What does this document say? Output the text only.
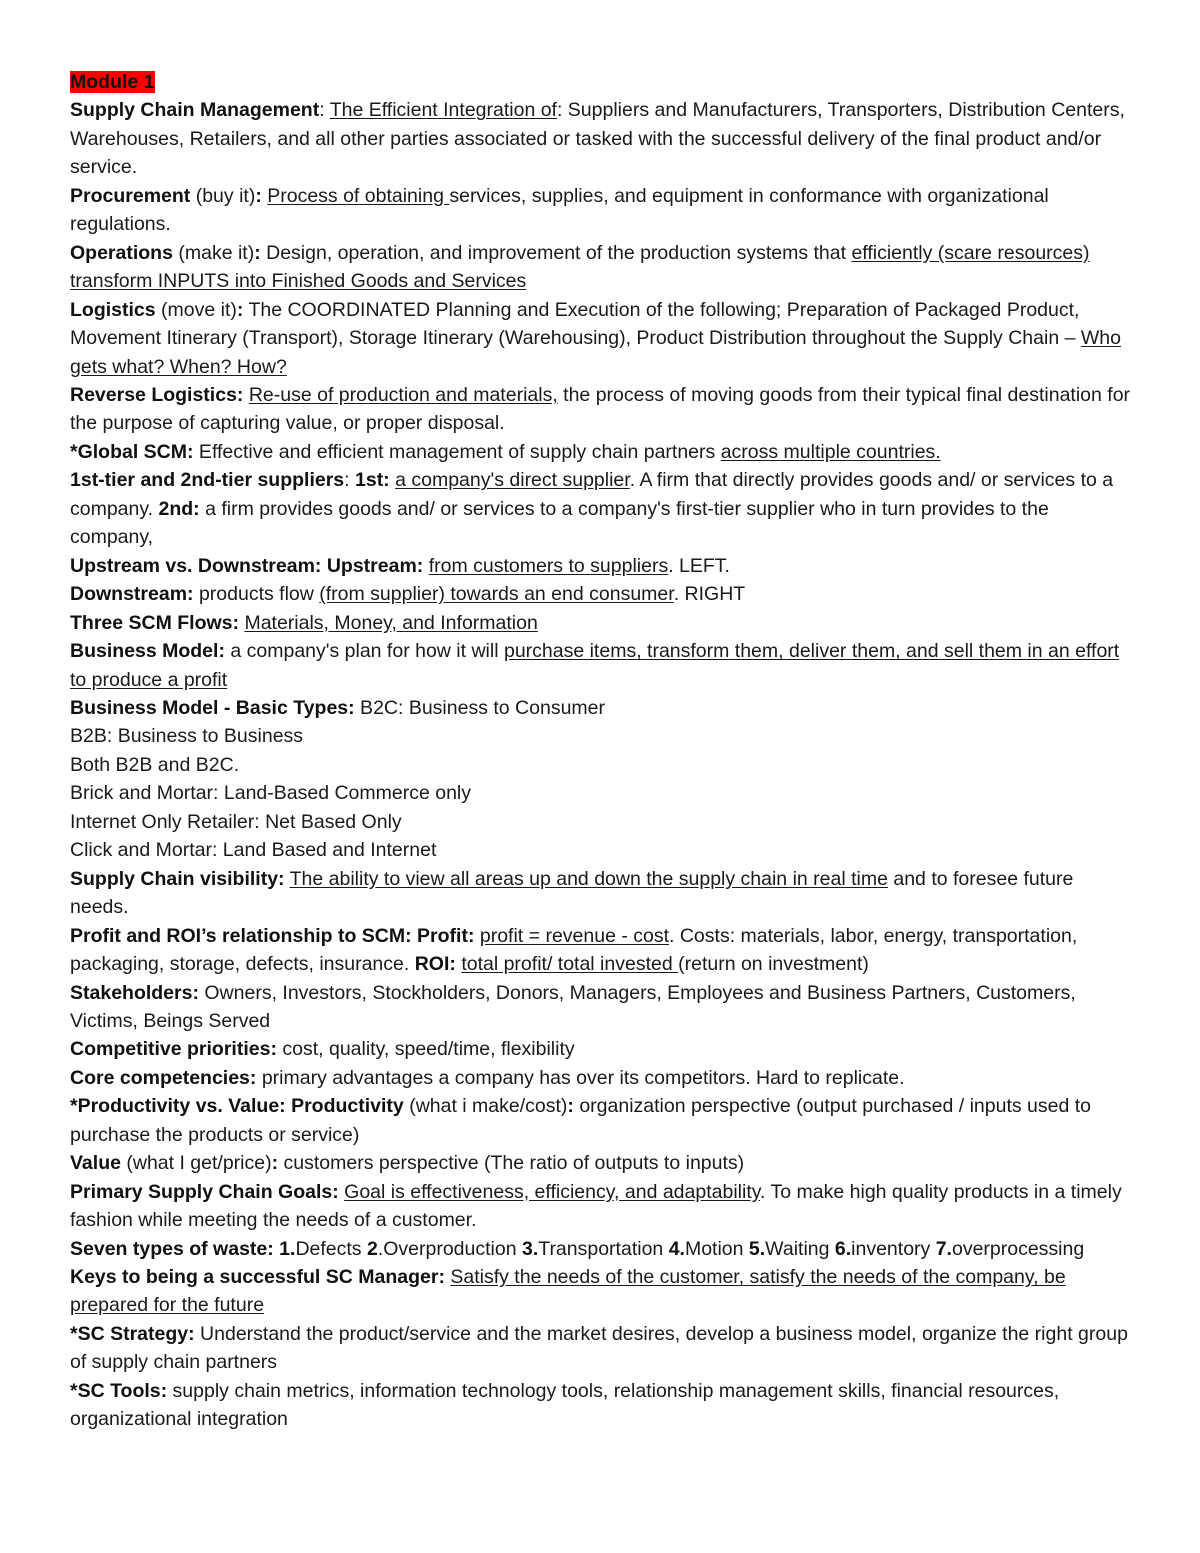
Module 1
Supply Chain Management: The Efficient Integration of: Suppliers and Manufacturers, Transporters, Distribution Centers, Warehouses, Retailers, and all other parties associated or tasked with the successful delivery of the final product and/or service.
Procurement (buy it): Process of obtaining services, supplies, and equipment in conformance with organizational regulations.
Operations (make it): Design, operation, and improvement of the production systems that efficiently (scare resources) transform INPUTS into Finished Goods and Services
Logistics (move it): The COORDINATED Planning and Execution of the following; Preparation of Packaged Product, Movement Itinerary (Transport), Storage Itinerary (Warehousing), Product Distribution throughout the Supply Chain – Who gets what? When? How?
Reverse Logistics: Re-use of production and materials, the process of moving goods from their typical final destination for the purpose of capturing value, or proper disposal.
*Global SCM: Effective and efficient management of supply chain partners across multiple countries.
1st-tier and 2nd-tier suppliers: 1st: a company's direct supplier. A firm that directly provides goods and/ or services to a company. 2nd: a firm provides goods and/ or services to a company's first-tier supplier who in turn provides to the company,
Upstream vs. Downstream: Upstream: from customers to suppliers. LEFT.
Downstream: products flow (from supplier) towards an end consumer. RIGHT
Three SCM Flows: Materials, Money, and Information
Business Model: a company's plan for how it will purchase items, transform them, deliver them, and sell them in an effort to produce a profit
Business Model - Basic Types: B2C: Business to Consumer
B2B: Business to Business
Both B2B and B2C.
Brick and Mortar: Land-Based Commerce only
Internet Only Retailer: Net Based Only
Click and Mortar: Land Based and Internet
Supply Chain visibility: The ability to view all areas up and down the supply chain in real time and to foresee future needs.
Profit and ROI’s relationship to SCM: Profit: profit = revenue - cost. Costs: materials, labor, energy, transportation, packaging, storage, defects, insurance. ROI: total profit/ total invested (return on investment)
Stakeholders: Owners, Investors, Stockholders, Donors, Managers, Employees and Business Partners, Customers, Victims, Beings Served
Competitive priorities: cost, quality, speed/time, flexibility
Core competencies: primary advantages a company has over its competitors. Hard to replicate.
*Productivity vs. Value: Productivity (what i make/cost): organization perspective (output purchased / inputs used to purchase the products or service)
Value (what I get/price): customers perspective (The ratio of outputs to inputs)
Primary Supply Chain Goals: Goal is effectiveness, efficiency, and adaptability. To make high quality products in a timely fashion while meeting the needs of a customer.
Seven types of waste: 1.Defects 2.Overproduction 3.Transportation 4.Motion 5.Waiting 6.inventory 7.overprocessing
Keys to being a successful SC Manager: Satisfy the needs of the customer, satisfy the needs of the company, be prepared for the future
*SC Strategy: Understand the product/service and the market desires, develop a business model, organize the right group of supply chain partners
*SC Tools: supply chain metrics, information technology tools, relationship management skills, financial resources, organizational integration
